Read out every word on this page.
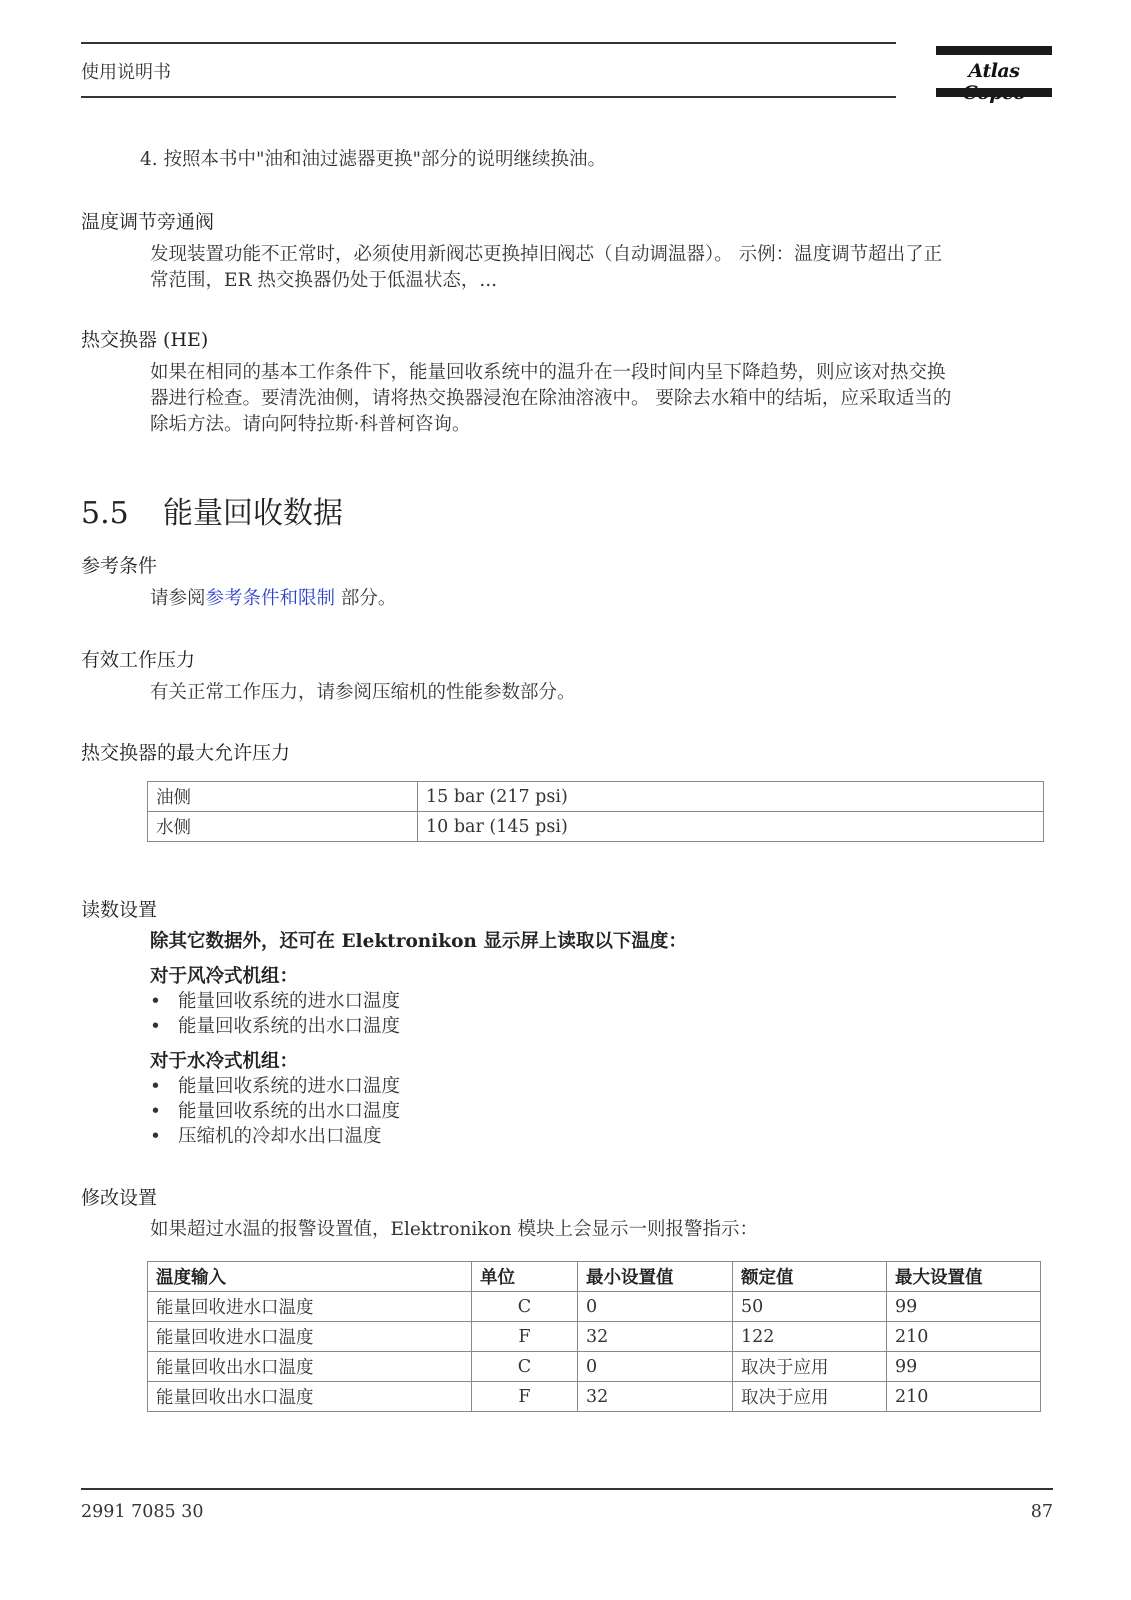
使用说明书	Atlas
4. 按照本书中"油和油过滤器更换"部分的说明继续换油。
温度调节旁通阀
发现装置功能不正常时，必须使用新阀芯更换掉旧阀芯（自动调温器）。 示例：温度调节超出了正
常范围，ER 热交换器仍处于低温状态，...
热交换器 (HE)
如果在相同的基本工作条件下，能量回收系统中的温升在一段时间内呈下降趋势，则应该对热交换
器进行检查。要清洗油侧，请将热交换器浸泡在除油溶液中。 要除去水箱中的结垢，应采取适当的
除垢方法。请向阿特拉斯·科普柯咨询。
5.5 能量回收数据
参考条件
请参阅参考条件和限制 部分。
有效工作压力
有关正常工作压力，请参阅压缩机的性能参数部分。
热交换器的最大允许压力
油侧	15 bar (217 psi)
水侧	10 bar (145 psi)
读数设置
除其它数据外，还可在 Elektronikon 显示屏上读取以下温度：
对于风冷式机组：
• 能量回收系统的进水口温度
• 能量回收系统的出水口温度
对于水冷式机组：
• 能量回收系统的进水口温度
• 能量回收系统的出水口温度
• 压缩机的冷却水出口温度
修改设置
如果超过水温的报警设置值，Elektronikon 模块上会显示一则报警指示：
温度输入	单位	最小设置值	额定值	最大设置值
能量回收进水口温度	C	0	50	99
能量回收进水口温度	F	32	122	210
能量回收出水口温度	C	0	取决于应用	99
能量回收出水口温度	F	32	取决于应用	210
2991 7085 30	87
